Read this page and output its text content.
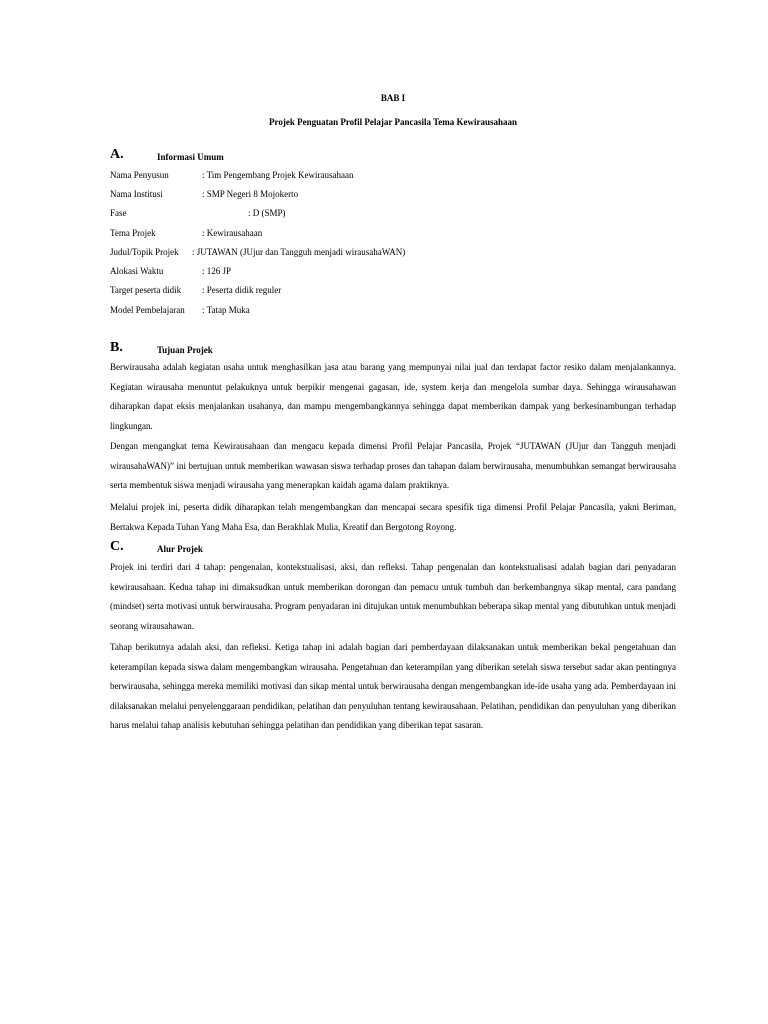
BAB I
Projek Penguatan Profil Pelajar Pancasila Tema Kewirausahaan
A.	Informasi Umum
Nama Penyusun	: Tim Pengembang Projek Kewirausahaan
Nama Institusi	: SMP Negeri 8 Mojokerto
Fase	: D (SMP)
Tema Projek	: Kewirausahaan
Judul/Topik Projek : JUTAWAN (JUjur dan Tangguh menjadi wirausahaWAN)
Alokasi Waktu	: 126 JP
Target peserta didik : Peserta didik reguler
Model Pembelajaran : Tatap Muka
B.	Tujuan Projek

Berwirausaha adalah kegiatan usaha untuk menghasilkan jasa atau barang yang mempunyai nilai jual dan terdapat factor resiko dalam menjalankannya. Kegiatan wirausaha menuntut pelakuknya untuk berpikir mengenai gagasan, ide, system kerja dan mengelola sumbar daya. Sehingga wirausahawan diharapkan dapat eksis menjalankan usahanya, dan mampu mengembangkannya sehingga dapat memberikan dampak yang berkesinambungan terhadap lingkungan.

Dengan mengangkat tema Kewirausahaan dan mengacu kepada dimensi Profil Pelajar Pancasila, Projek “JUTAWAN (JUjur dan Tangguh menjadi wirausahaWAN)” ini bertujuan untuk memberikan wawasan siswa terhadap proses dan tahapan dalam berwirausaha, menumbuhkan semangat berwirausaha serta membentuk siswa menjadi wirausaha yang menerapkan kaidah agama dalam praktiknya.

Melalui projek ini, peserta didik diharapkan telah mengembangkan dan mencapai secara spesifik tiga dimensi Profil Pelajar Pancasila, yakni Beriman, Bertakwa Kepada Tuhan Yang Maha Esa, dan Berakhlak Mulia, Kreatif dan Bergotong Royong.

C.	Alur Projek

Projek ini terdiri dari 4 tahap: pengenalan, kontekstualisasi, aksi, dan refleksi. Tahap pengenalan dan kontekstualisasi adalah bagian dari penyadaran kewirausahaan. Kedua tahap ini dimaksudkan untuk memberikan dorongan dan pemacu untuk tumbuh dan berkembangnya sikap mental, cara pandang (mindset) serta motivasi untuk berwirausaha. Program penyadaran ini ditujukan untuk menumbuhkan beberapa sikap mental yang dibutuhkan untuk menjadi seorang wirausahawan.

Tahap berikutnya adalah aksi, dan refleksi. Ketiga tahap ini adalah bagian dari pemberdayaan dilaksanakan untuk memberikan bekal pengetahuan dan keterampilan kepada siswa dalam mengembangkan wirausaha. Pengetahuan dan keterampilan yang diberikan setelah siswa tersebut sadar akan pentingnya berwirausaha, sehingga mereka memiliki motivasi dan sikap mental untuk berwirausaha dengan mengembangkan ide-ide usaha yang ada. Pemberdayaan ini dilaksanakan melalui penyelenggaraan pendidikan, pelatihan dan penyuluhan tentang kewirausahaan. Pelatihan, pendidikan dan penyuluhan yang diberikan harus melalui tahap analisis kebutuhan sehingga pelatihan dan pendidikan yang diberikan tepat sasaran.
